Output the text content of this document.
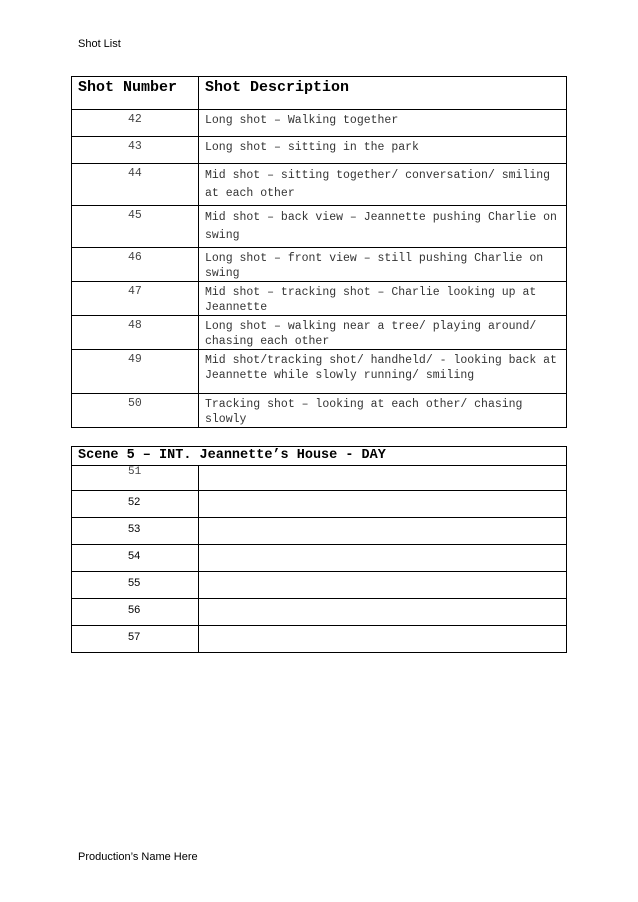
Shot List
Shot Number	Shot Description
42	Long shot – Walking together
43	Long shot – sitting in the park
44	Mid shot – sitting together/ conversation/ smiling at each other
45	Mid shot – back view – Jeannette pushing Charlie on swing
46	Long shot – front view – still pushing Charlie on swing
47	Mid shot – tracking shot – Charlie looking up at Jeannette
48	Long shot – walking near a tree/ playing around/ chasing each other
49	Mid shot/tracking shot/ handheld/ - looking back at Jeannette while slowly running/ smiling
50	Tracking shot – looking at each other/ chasing slowly
Scene 5 – INT. Jeannette’s House - DAY	
51	
52	
53	
54	
55	
56	
57	
Production’s Name Here
